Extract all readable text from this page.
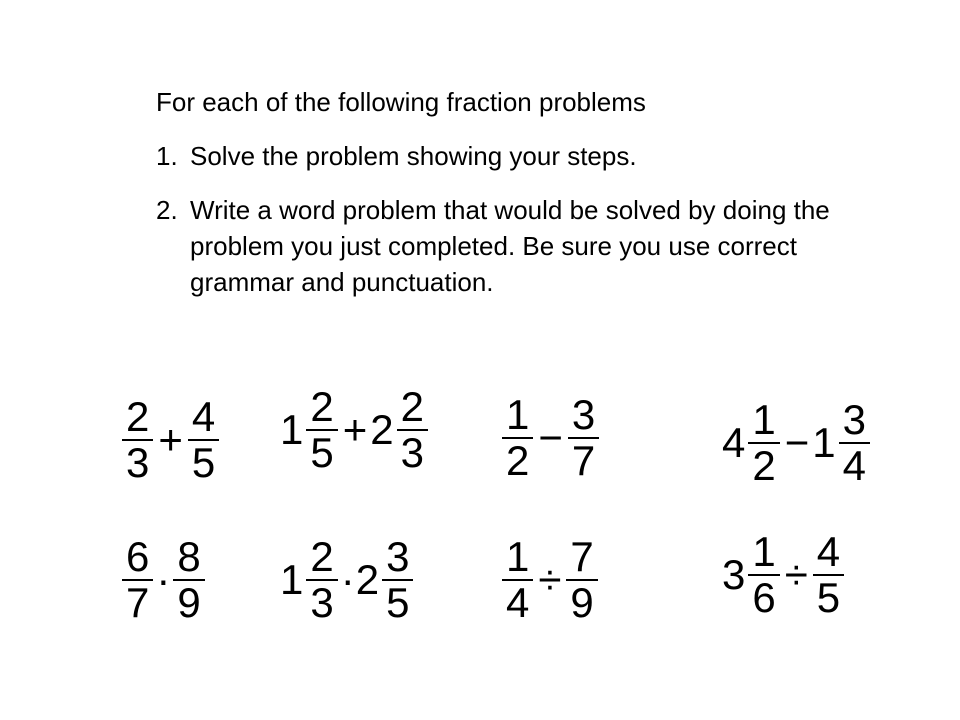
For each of the following fraction problems

1. Solve the problem showing your steps.
2. Write a word problem that would be solved by doing the problem you just completed. Be sure you use correct grammar and punctuation.
$\frac{2}{3} + \frac{4}{5} 1 \frac{2}{5} + 2 \frac{2}{3} \frac{1}{2} - \frac{3}{7}$	$4 \frac{1}{2} - 1 \frac{3}{4}$
$\frac{6}{7} \cdot \frac{8}{9} 1 \frac{2}{3} \cdot 2 \frac{3}{5} \frac{1}{4} \div \frac{7}{9}$	$3 \frac{1}{6} \div \frac{4}{5}$
